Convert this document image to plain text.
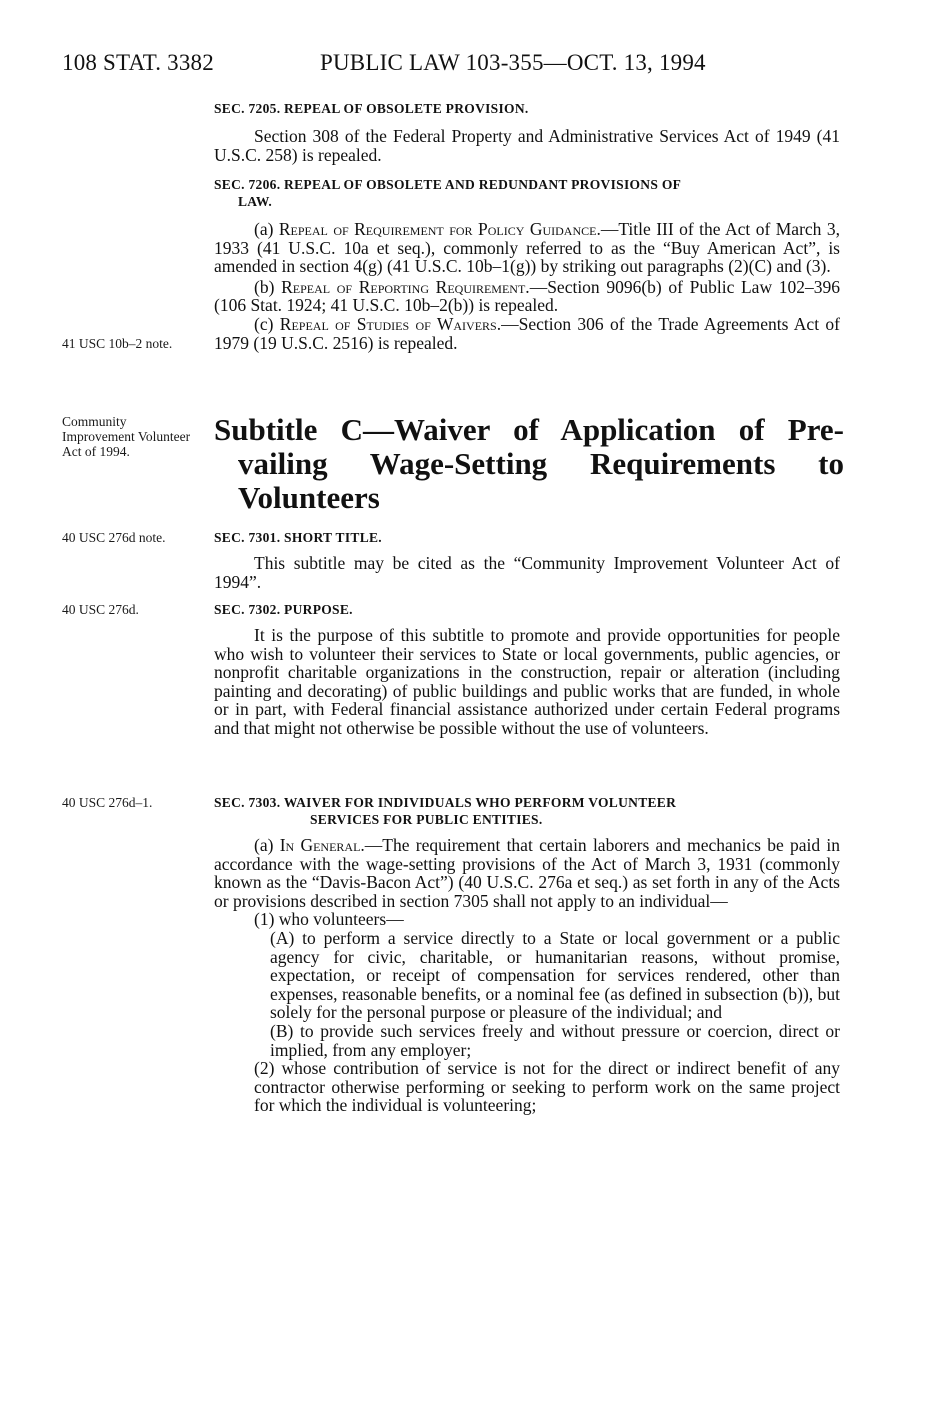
108 STAT. 3382	PUBLIC LAW 103-355—OCT. 13, 1994
SEC. 7205. REPEAL OF OBSOLETE PROVISION.

Section 308 of the Federal Property and Administrative Services Act of 1949 (41 U.S.C. 258) is repealed.

SEC. 7206. REPEAL OF OBSOLETE AND REDUNDANT PROVISIONS OF
LAW.

(a) Repeal of Requirement for Policy Guidance.—Title III of the Act of March 3, 1933 (41 U.S.C. 10a et seq.), commonly referred to as the “Buy American Act”, is amended in section 4(g) (41 U.S.C. 10b–1(g)) by striking out paragraphs (2)(C) and (3).

(b) Repeal of Reporting Requirement.—Section 9096(b) of Public Law 102–396 (106 Stat. 1924; 41 U.S.C. 10b–2(b)) is repealed.

(c) Repeal of Studies of Waivers.—Section 306 of the Trade Agreements Act of 1979 (19 U.S.C. 2516) is repealed.

41 USC 10b–2 note.
Community Improvement Volunteer Act of 1994.
40 USC 276d note.
40 USC 276d.
40 USC 276d–1.
Subtitle C—Waiver of Application of Pre-
vailing Wage-Setting Requirements to
Volunteers
SEC. 7301. SHORT TITLE.

This subtitle may be cited as the “Community Improvement Volunteer Act of 1994”.

SEC. 7302. PURPOSE.

It is the purpose of this subtitle to promote and provide opportunities for people who wish to volunteer their services to State or local governments, public agencies, or nonprofit charitable organizations in the construction, repair or alteration (including painting and decorating) of public buildings and public works that are funded, in whole or in part, with Federal financial assistance authorized under certain Federal programs and that might not otherwise be possible without the use of volunteers.

SEC. 7303. WAIVER FOR INDIVIDUALS WHO PERFORM VOLUNTEER
SERVICES FOR PUBLIC ENTITIES.

(a) In General.—The requirement that certain laborers and mechanics be paid in accordance with the wage-setting provisions of the Act of March 3, 1931 (commonly known as the “Davis-Bacon Act”) (40 U.S.C. 276a et seq.) as set forth in any of the Acts or provisions described in section 7305 shall not apply to an individual—

(1) who volunteers—

(A) to perform a service directly to a State or local government or a public agency for civic, charitable, or humanitarian reasons, without promise, expectation, or receipt of compensation for services rendered, other than expenses, reasonable benefits, or a nominal fee (as defined in subsection (b)), but solely for the personal purpose or pleasure of the individual; and

(B) to provide such services freely and without pressure or coercion, direct or implied, from any employer;

(2) whose contribution of service is not for the direct or indirect benefit of any contractor otherwise performing or seeking to perform work on the same project for which the individual is volunteering;
